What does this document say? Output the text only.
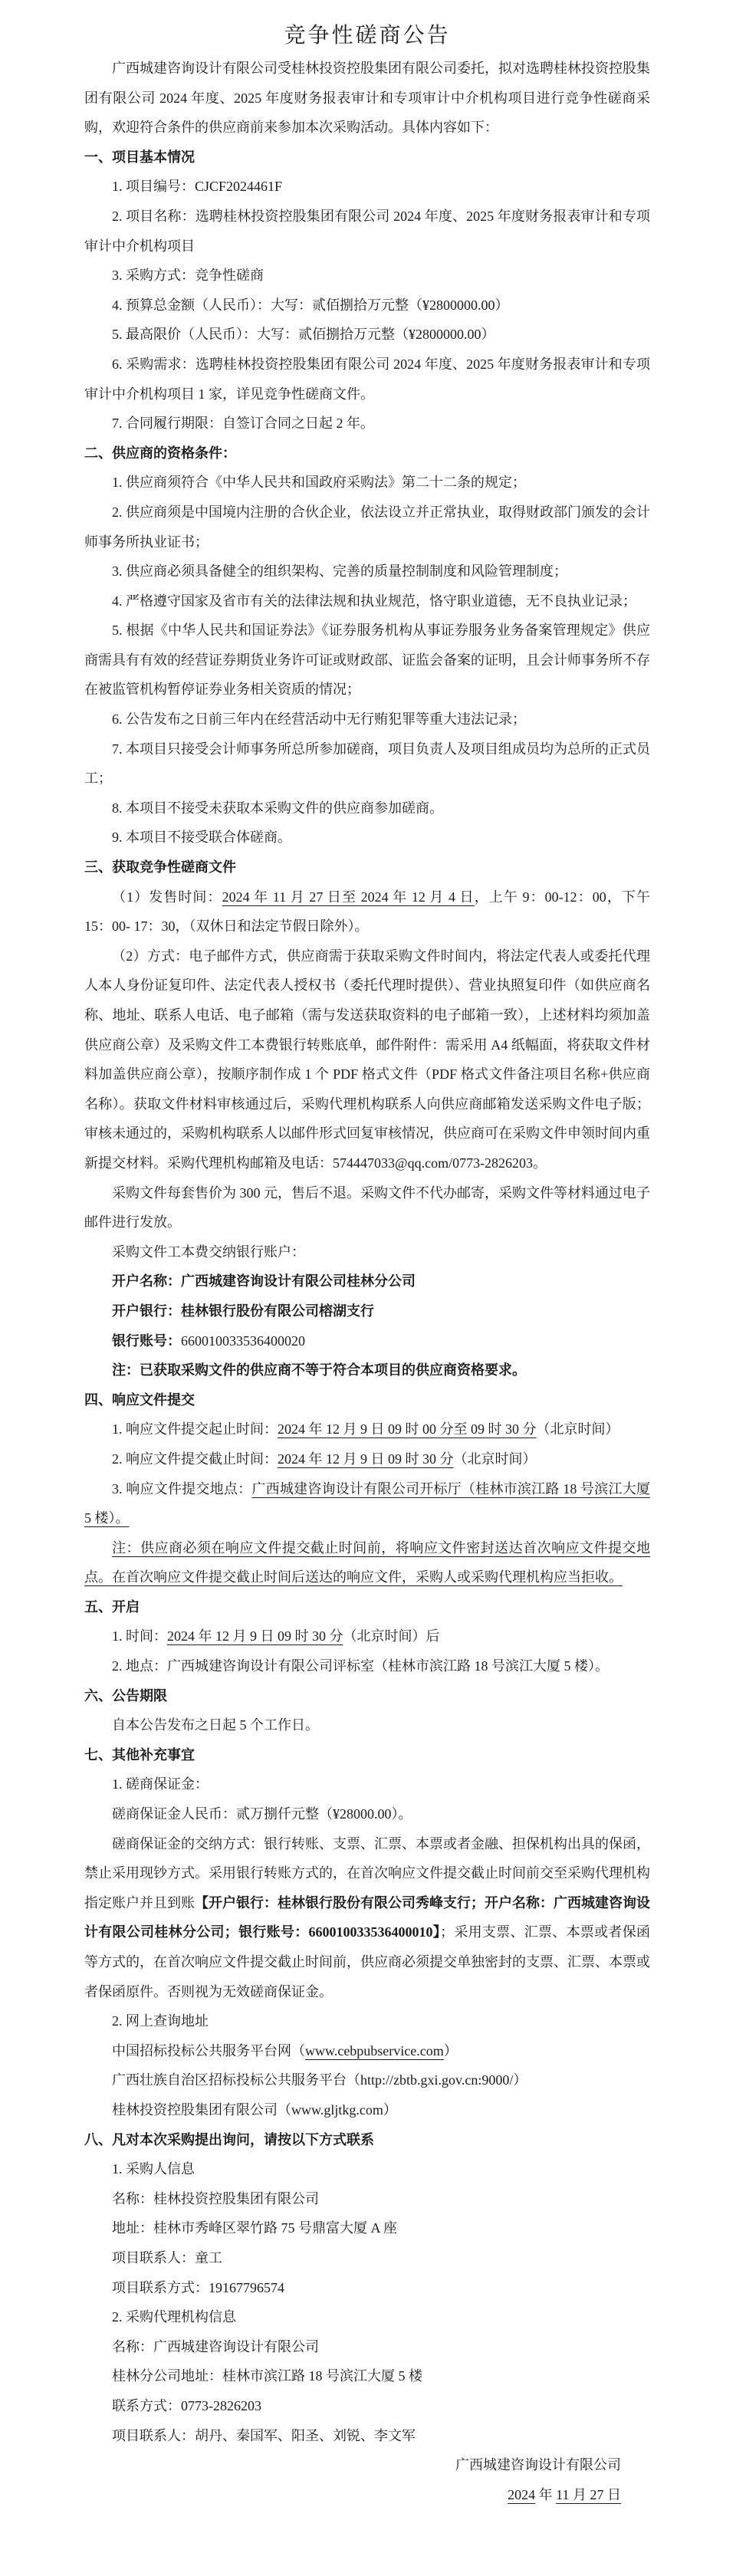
竞争性磋商公告

广西城建咨询设计有限公司受桂林投资控股集团有限公司委托，拟对选聘桂林投资控股集团有限公司 2024 年度、2025 年度财务报表审计和专项审计中介机构项目进行竞争性磋商采购，欢迎符合条件的供应商前来参加本次采购活动。具体内容如下：

一、项目基本情况

1. 项目编号：CJCF2024461F

2. 项目名称：选聘桂林投资控股集团有限公司 2024 年度、2025 年度财务报表审计和专项审计中介机构项目

3. 采购方式：竞争性磋商

4. 预算总金额（人民币）：大写：贰佰捌拾万元整（¥2800000.00）

5. 最高限价（人民币）：大写：贰佰捌拾万元整（¥2800000.00）

6. 采购需求：选聘桂林投资控股集团有限公司 2024 年度、2025 年度财务报表审计和专项审计中介机构项目 1 家，详见竞争性磋商文件。

7. 合同履行期限：自签订合同之日起 2 年。

二、供应商的资格条件：

1. 供应商须符合《中华人民共和国政府采购法》第二十二条的规定；

2. 供应商须是中国境内注册的合伙企业，依法设立并正常执业，取得财政部门颁发的会计师事务所执业证书；

3. 供应商必须具备健全的组织架构、完善的质量控制制度和风险管理制度；

4. 严格遵守国家及省市有关的法律法规和执业规范，恪守职业道德，无不良执业记录；

5. 根据《中华人民共和国证券法》《证券服务机构从事证券服务业务备案管理规定》供应商需具有有效的经营证券期货业务许可证或财政部、证监会备案的证明，且会计师事务所不存在被监管机构暂停证券业务相关资质的情况；

6. 公告发布之日前三年内在经营活动中无行贿犯罪等重大违法记录；

7. 本项目只接受会计师事务所总所参加磋商，项目负责人及项目组成员均为总所的正式员工；

8. 本项目不接受未获取本采购文件的供应商参加磋商。

9. 本项目不接受联合体磋商。

三、获取竞争性磋商文件

（1）发售时间：2024 年 11 月 27 日至 2024 年 12 月 4 日，上午 9：00-12：00，下午 15：00- 17：30，（双休日和法定节假日除外）。

（2）方式：电子邮件方式，供应商需于获取采购文件时间内，将法定代表人或委托代理人本人身份证复印件、法定代表人授权书（委托代理时提供）、营业执照复印件（如供应商名称、地址、联系人电话、电子邮箱（需与发送获取资料的电子邮箱一致），上述材料均须加盖供应商公章）及采购文件工本费银行转账底单，邮件附件：需采用 A4 纸幅面，将获取文件材料加盖供应商公章），按顺序制作成 1 个 PDF 格式文件（PDF 格式文件备注项目名称+供应商名称）。获取文件材料审核通过后，采购代理机构联系人向供应商邮箱发送采购文件电子版；审核未通过的，采购机构联系人以邮件形式回复审核情况，供应商可在采购文件申领时间内重新提交材料。采购代理机构邮箱及电话：574447033@qq.com/0773-2826203。

采购文件每套售价为 300 元，售后不退。采购文件不代办邮寄，采购文件等材料通过电子邮件进行发放。

采购文件工本费交纳银行账户：

开户名称：广西城建咨询设计有限公司桂林分公司

开户银行：桂林银行股份有限公司榕湖支行

银行账号：660010033536400020

注：已获取采购文件的供应商不等于符合本项目的供应商资格要求。

四、响应文件提交

1. 响应文件提交起止时间：2024 年 12 月 9 日 09 时 00 分至 09 时 30 分（北京时间）

2. 响应文件提交截止时间：2024 年 12 月 9 日 09 时 30 分（北京时间）

3. 响应文件提交地点：广西城建咨询设计有限公司开标厅（桂林市滨江路 18 号滨江大厦 5 楼）。

注：供应商必须在响应文件提交截止时间前，将响应文件密封送达首次响应文件提交地点。在首次响应文件提交截止时间后送达的响应文件，采购人或采购代理机构应当拒收。

五、开启

1. 时间：2024 年 12 月 9 日 09 时 30 分（北京时间）后

2. 地点：广西城建咨询设计有限公司评标室（桂林市滨江路 18 号滨江大厦 5 楼）。

六、公告期限

自本公告发布之日起 5 个工作日。

七、其他补充事宜

1. 磋商保证金：

磋商保证金人民币：贰万捌仟元整（¥28000.00）。

磋商保证金的交纳方式：银行转账、支票、汇票、本票或者金融、担保机构出具的保函，禁止采用现钞方式。采用银行转账方式的，在首次响应文件提交截止时间前交至采购代理机构指定账户并且到账【开户银行：桂林银行股份有限公司秀峰支行；开户名称：广西城建咨询设计有限公司桂林分公司；银行账号：660010033536400010】；采用支票、汇票、本票或者保函等方式的，在首次响应文件提交截止时间前，供应商必须提交单独密封的支票、汇票、本票或者保函原件。否则视为无效磋商保证金。

2. 网上查询地址

中国招标投标公共服务平台网（www.cebpubservice.com）

广西壮族自治区招标投标公共服务平台（http://zbtb.gxi.gov.cn:9000/）

桂林投资控股集团有限公司（www.gljtkg.com）

八、凡对本次采购提出询问，请按以下方式联系

1. 采购人信息

名称：桂林投资控股集团有限公司

地址：桂林市秀峰区翠竹路 75 号鼎富大厦 A 座

项目联系人：童工

项目联系方式：19167796574

2. 采购代理机构信息

名称：广西城建咨询设计有限公司

桂林分公司地址：桂林市滨江路 18 号滨江大厦 5 楼

联系方式：0773-2826203

项目联系人：胡丹、秦国军、阳圣、刘锐、李文军

广西城建咨询设计有限公司

2024 年 11 月 27 日
